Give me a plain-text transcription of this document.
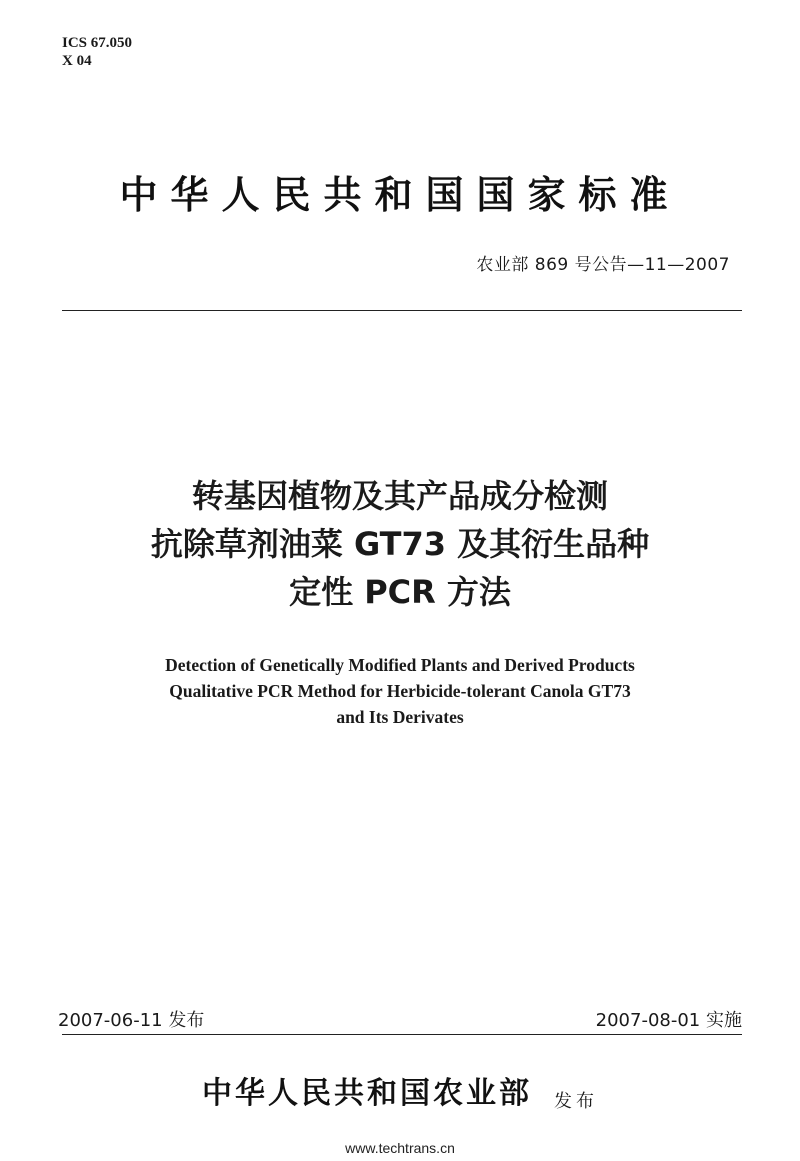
ICS 67.050
X 04
中华人民共和国国家标准
农业部 869 号公告—11—2007
转基因植物及其产品成分检测
抗除草剂油菜 GT73 及其衍生品种
定性 PCR 方法
Detection of Genetically Modified Plants and Derived Products
Qualitative PCR Method for Herbicide-tolerant Canola GT73
and Its Derivates
2007-06-11 发布	2007-08-01 实施
中华人民共和国农业部 发布
www.techtrans.cn
